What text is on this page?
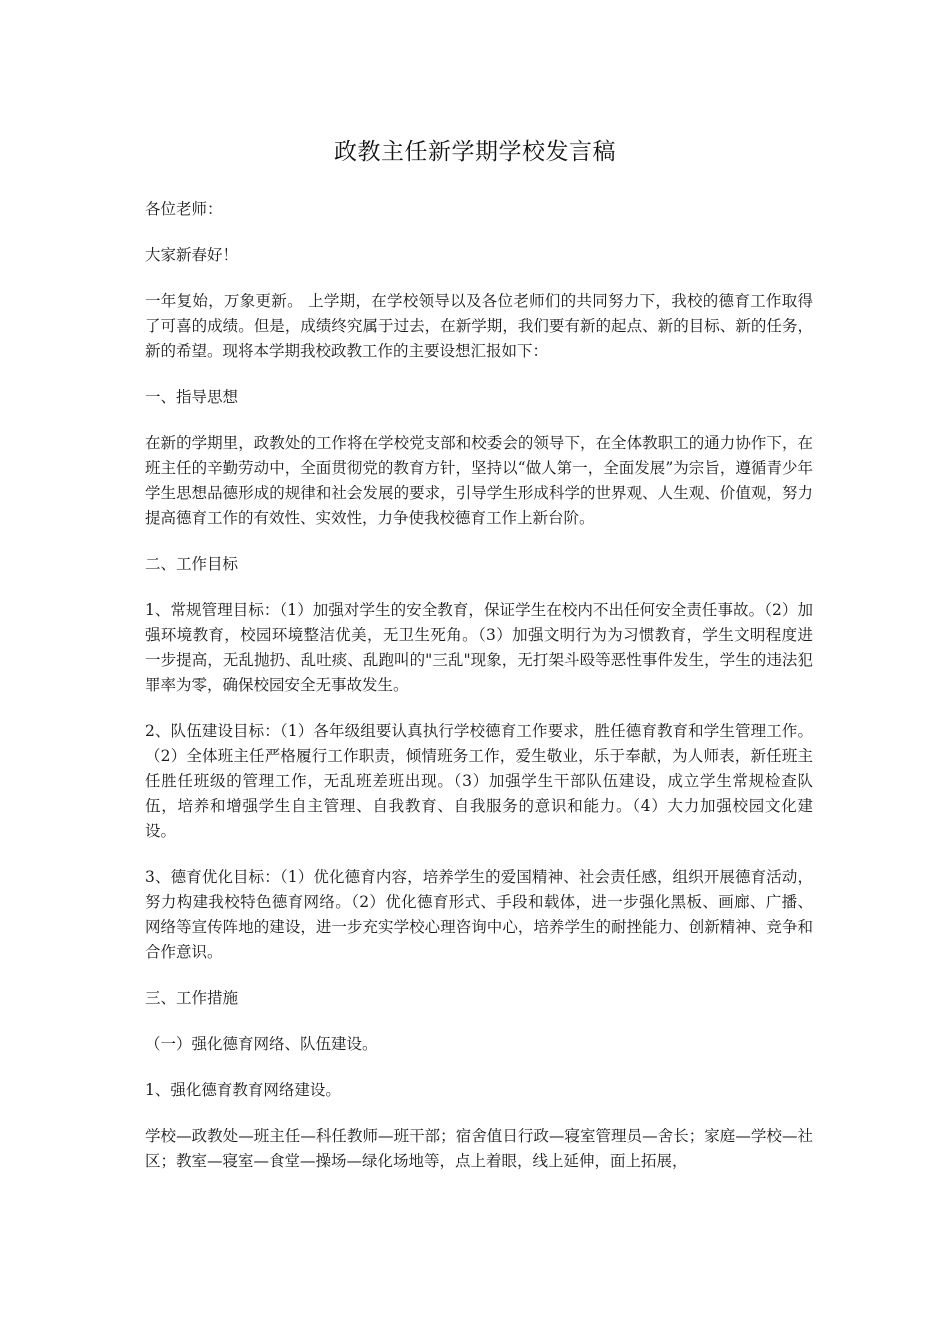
政教主任新学期学校发言稿

各位老师：

大家新春好！

一年复始，万象更新。 上学期，在学校领导以及各位老师们的共同努力下，我校的德育工作取得了可喜的成绩。但是，成绩终究属于过去，在新学期，我们要有新的起点、新的目标、新的任务，新的希望。现将本学期我校政教工作的主要设想汇报如下：

一、指导思想

在新的学期里，政教处的工作将在学校党支部和校委会的领导下，在全体教职工的通力协作下，在班主任的辛勤劳动中，全面贯彻党的教育方针，坚持以“做人第一，全面发展”为宗旨，遵循青少年学生思想品德形成的规律和社会发展的要求，引导学生形成科学的世界观、人生观、价值观，努力提高德育工作的有效性、实效性，力争使我校德育工作上新台阶。

二、工作目标

1、常规管理目标：（1）加强对学生的安全教育，保证学生在校内不出任何安全责任事故。（2）加强环境教育，校园环境整洁优美，无卫生死角。（3）加强文明行为为习惯教育，学生文明程度进一步提高，无乱抛扔、乱吐痰、乱跑叫的"三乱"现象，无打架斗殴等恶性事件发生，学生的违法犯罪率为零，确保校园安全无事故发生。

2、队伍建设目标：（1）各年级组要认真执行学校德育工作要求，胜任德育教育和学生管理工作。（2）全体班主任严格履行工作职责，倾情班务工作，爱生敬业，乐于奉献，为人师表，新任班主任胜任班级的管理工作，无乱班差班出现。（3）加强学生干部队伍建设，成立学生常规检查队伍，培养和增强学生自主管理、自我教育、自我服务的意识和能力。（4）大力加强校园文化建设。

3、德育优化目标：（1）优化德育内容，培养学生的爱国精神、社会责任感，组织开展德育活动，努力构建我校特色德育网络。（2）优化德育形式、手段和载体，进一步强化黑板、画廊、广播、网络等宣传阵地的建设，进一步充实学校心理咨询中心，培养学生的耐挫能力、创新精神、竞争和合作意识。

三、工作措施

（一）强化德育网络、队伍建设。

1、强化德育教育网络建设。

学校—政教处—班主任—科任教师—班干部；宿舍值日行政—寝室管理员—舍长；家庭—学校—社区；教室—寝室—食堂—操场—绿化场地等，点上着眼，线上延伸，面上拓展，
